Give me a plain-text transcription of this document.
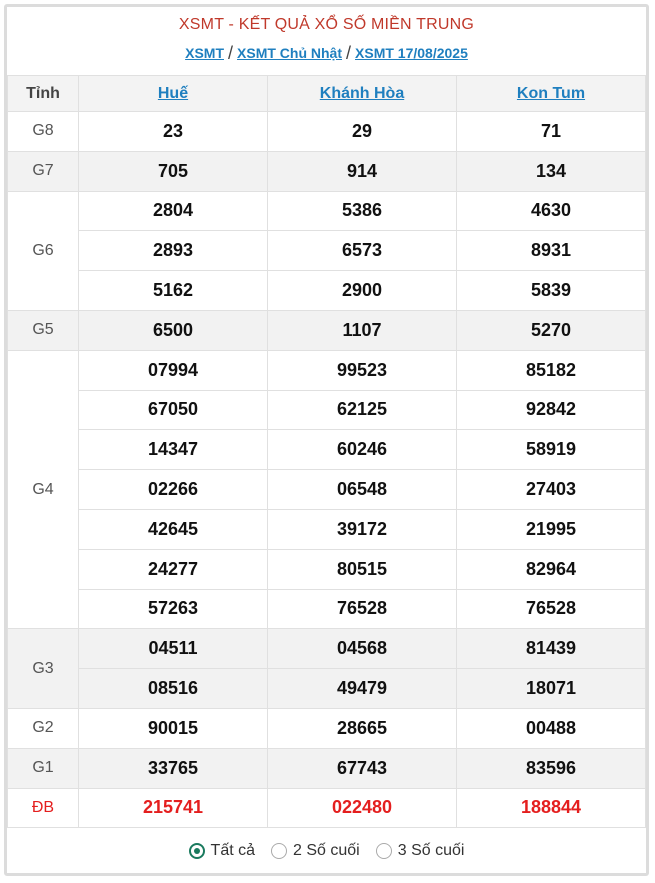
XSMT - KẾT QUẢ XỔ SỐ MIỀN TRUNG
XSMT / XSMT Chủ Nhật / XSMT 17/08/2025
Tỉnh	Huế	Khánh Hòa	Kon Tum
G8	23	29	71
G7	705	914	134
G6	2804	5386	4630
	2893	6573	8931
	5162	2900	5839
G5	6500	1107	5270
G4	07994	99523	85182
	67050	62125	92842
	14347	60246	58919
	02266	06548	27403
	42645	39172	21995
	24277	80515	82964
	57263	76528	76528
G3	04511	04568	81439
	08516	49479	18071
G2	90015	28665	00488
G1	33765	67743	83596
ĐB	215741	022480	188844
Tất cả 2 Số cuối 3 Số cuối
